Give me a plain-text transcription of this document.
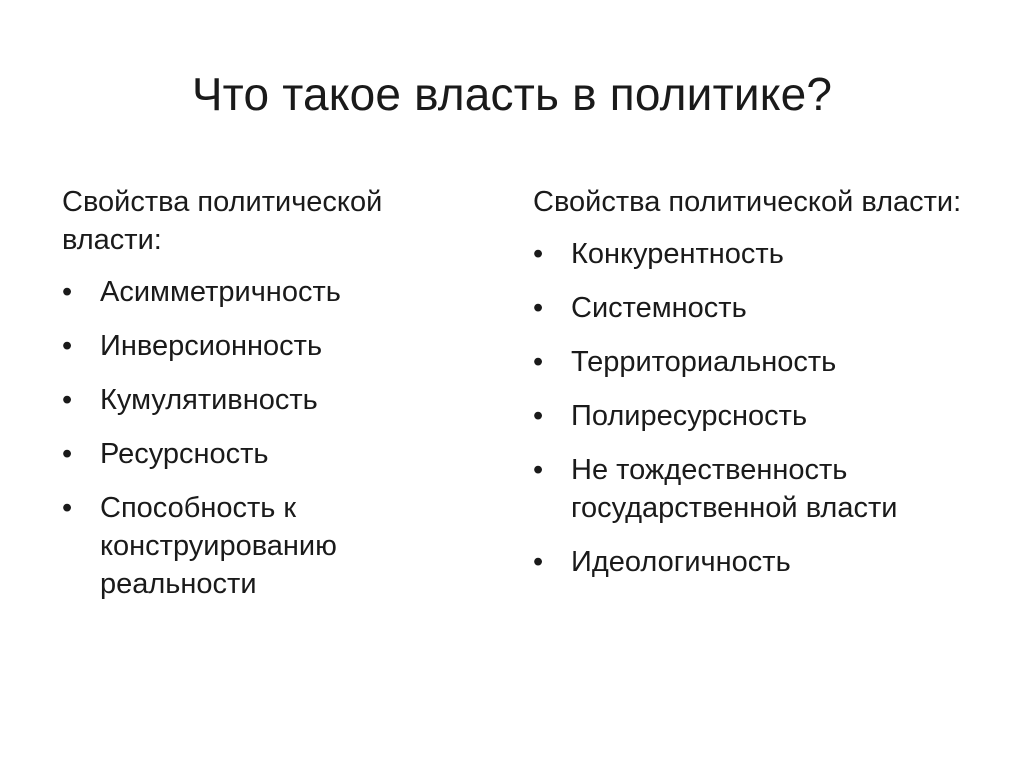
Что такое власть в политике?
Свойства политической власти:
• Асимметричность
• Инверсионность
• Кумулятивность
• Ресурсность
• Способность к конструированию реальности
Свойства политической власти:
• Конкурентность
• Системность
• Территориальность
• Полиресурсность
• Не тождественность государственной власти
• Идеологичность
